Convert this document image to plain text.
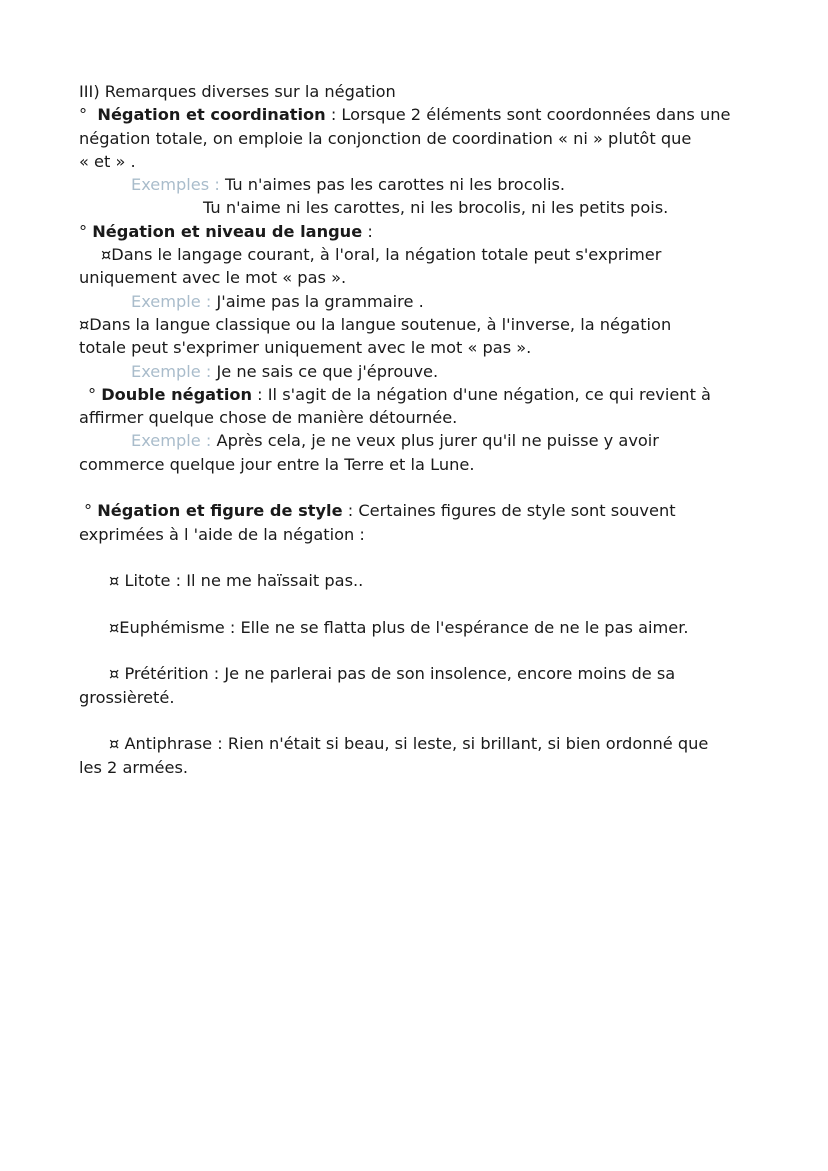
III) Remarques diverses sur la négation

° Négation et coordination : Lorsque 2 éléments sont coordonnées dans une

négation totale, on emploie la conjonction de coordination « ni » plutôt que

« et » .

Exemples : Tu n'aimes pas les carottes ni les brocolis.

Tu n'aime ni les carottes, ni les brocolis, ni les petits pois.

° Négation et niveau de langue :

¤Dans le langage courant, à l'oral, la négation totale peut s'exprimer

uniquement avec le mot « pas ».

Exemple : J'aime pas la grammaire .

¤Dans la langue classique ou la langue soutenue, à l'inverse, la négation

totale peut s'exprimer uniquement avec le mot « pas ».

Exemple : Je ne sais ce que j'éprouve.

° Double négation : Il s'agit de la négation d'une négation, ce qui revient à

affirmer quelque chose de manière détournée.

Exemple : Après cela, je ne veux plus jurer qu'il ne puisse y avoir

commerce quelque jour entre la Terre et la Lune.

° Négation et figure de style : Certaines figures de style sont souvent

exprimées à l 'aide de la négation :

¤ Litote : Il ne me haïssait pas..

¤Euphémisme : Elle ne se flatta plus de l'espérance de ne le pas aimer.

¤ Prétérition : Je ne parlerai pas de son insolence, encore moins de sa

grossièreté.

¤ Antiphrase : Rien n'était si beau, si leste, si brillant, si bien ordonné que

les 2 armées.
